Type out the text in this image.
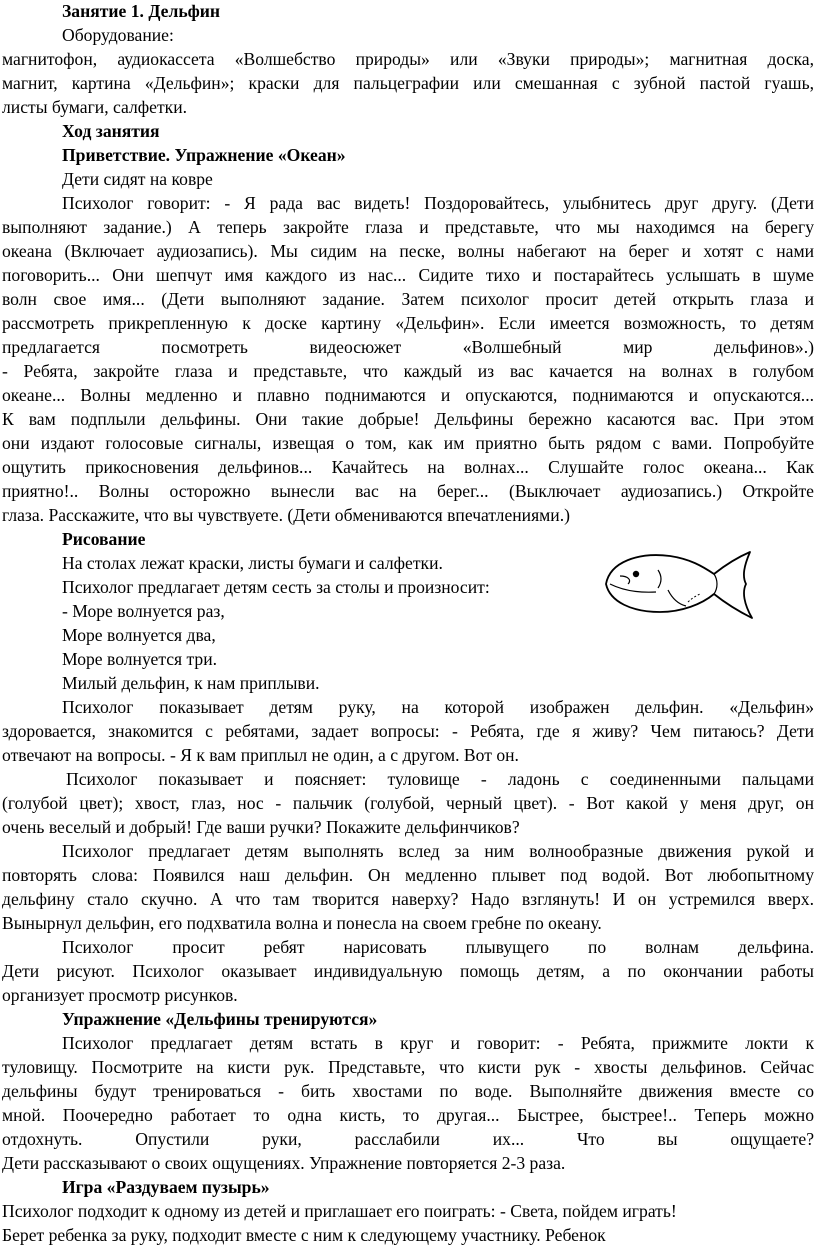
Занятие 1. Дельфин
Оборудование:
магнитофон, аудиокассета «Волшебство природы» или «Звуки природы»; магнитная доска,
магнит, картина «Дельфин»; краски для пальцеграфии или смешанная с зубной пастой гуашь,
листы бумаги, салфетки.
Ход занятия
Приветствие. Упражнение «Океан»
Дети сидят на ковре
Психолог говорит: - Я рада вас видеть! Поздоровайтесь, улыбнитесь друг другу. (Дети
выполняют задание.) А теперь закройте глаза и представьте, что мы находимся на берегу
океана (Включает аудиозапись). Мы сидим на песке, волны набегают на берег и хотят с нами
поговорить... Они шепчут имя каждого из нас... Сидите тихо и постарайтесь услышать в шуме
волн свое имя... (Дети выполняют задание. Затем психолог просит детей открыть глаза и
рассмотреть прикрепленную к доске картину «Дельфин». Если имеется возможность, то детям
предлагается посмотреть видеосюжет «Волшебный мир дельфинов».)
- Ребята, закройте глаза и представьте, что каждый из вас качается на волнах в голубом
океане... Волны медленно и плавно поднимаются и опускаются, поднимаются и опускаются...
К вам подплыли дельфины. Они такие добрые! Дельфины бережно касаются вас. При этом
они издают голосовые сигналы, извещая о том, как им приятно быть рядом с вами. Попробуйте
ощутить прикосновения дельфинов... Качайтесь на волнах... Слушайте голос океана... Как
приятно!.. Волны осторожно вынесли вас на берег... (Выключает аудиозапись.) Откройте
глаза. Расскажите, что вы чувствуете. (Дети обмениваются впечатлениями.)
Рисование
На столах лежат краски, листы бумаги и салфетки.
Психолог предлагает детям сесть за столы и произносит:
- Море волнуется раз,
Море волнуется два,
Море волнуется три.
Милый дельфин, к нам приплыви.
Психолог показывает детям руку, на которой изображен дельфин. «Дельфин»
здоровается, знакомится с ребятами, задает вопросы: - Ребята, где я живу? Чем питаюсь? Дети
отвечают на вопросы. - Я к вам приплыл не один, а с другом. Вот он.
Психолог показывает и поясняет: туловище - ладонь с соединенными пальцами
(голубой цвет); хвост, глаз, нос - пальчик (голубой, черный цвет). - Вот какой у меня друг, он
очень веселый и добрый! Где ваши ручки? Покажите дельфинчиков?
Психолог предлагает детям выполнять вслед за ним волнообразные движения рукой и
повторять слова: Появился наш дельфин. Он медленно плывет под водой. Вот любопытному
дельфину стало скучно. А что там творится наверху? Надо взглянуть! И он устремился вверх.
Вынырнул дельфин, его подхватила волна и понесла на своем гребне по океану.
Психолог просит ребят нарисовать плывущего по волнам дельфина.
Дети рисуют. Психолог оказывает индивидуальную помощь детям, а по окончании работы
организует просмотр рисунков.
Упражнение «Дельфины тренируются»
Психолог предлагает детям встать в круг и говорит: - Ребята, прижмите локти к
туловищу. Посмотрите на кисти рук. Представьте, что кисти рук - хвосты дельфинов. Сейчас
дельфины будут тренироваться - бить хвостами по воде. Выполняйте движения вместе со
мной. Поочередно работает то одна кисть, то другая... Быстрее, быстрее!.. Теперь можно
отдохнуть. Опустили руки, расслабили их... Что вы ощущаете?
Дети рассказывают о своих ощущениях. Упражнение повторяется 2-3 раза.
Игра «Раздуваем пузырь»
Психолог подходит к одному из детей и приглашает его поиграть: - Света, пойдем играть!
Берет ребенка за руку, подходит вместе с ним к следующему участнику. Ребенок
